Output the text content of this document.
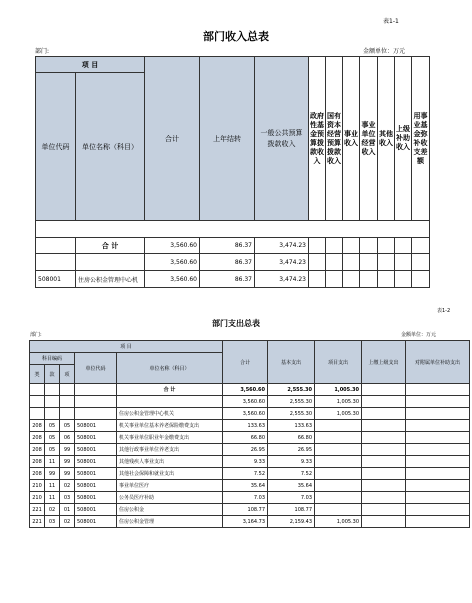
表1-1
部门收入总表
部门:	金额单位：万元
项 目		合计	上年结转	一般公共预算拨款收入	政府性基金预算拨款收入	国有资本经营预算拨款收入	事业收入	事业单位经营收入	其他收入	上级补助收入	用事业基金弥补收支差额
单位代码	单位名称（科目）										

	合 计	3,560.60	86.37	3,474.23							
		3,560.60	86.37	3,474.23							
508001	住房公积金管理中心机	3,560.60	86.37	3,474.23							
表1-2
部门支出总表
部门:	金额单位：万元
项 目					合计	基本支出	项目支出	上缴上级支出	对附属单位补助支出
科目编码			单位代码	单位名称（科目）					
类	款	项							
				合 计	3,560.60	2,555.30	1,005.30		
					3,560.60	2,555.30	1,005.30		
				住房公积金管理中心机关	3,560.60	2,555.30	1,005.30		
208	05	05	508001	机关事业单位基本养老保险缴费支出	133.63	133.63			
208	05	06	508001	机关事业单位职业年金缴费支出	66.80	66.80			
208	05	99	508001	其他行政事业单位养老支出	26.95	26.95			
208	11	99	508001	其他残疾人事业支出	9.33	9.33			
208	99	99	508001	其他社会保障和就业支出	7.52	7.52			
210	11	02	508001	事业单位医疗	35.64	35.64			
210	11	03	508001	公务员医疗补助	7.03	7.03			
221	02	01	508001	住房公积金	108.77	108.77			
221	03	02	508001	住房公积金管理	3,164.73	2,159.43	1,005.30		
